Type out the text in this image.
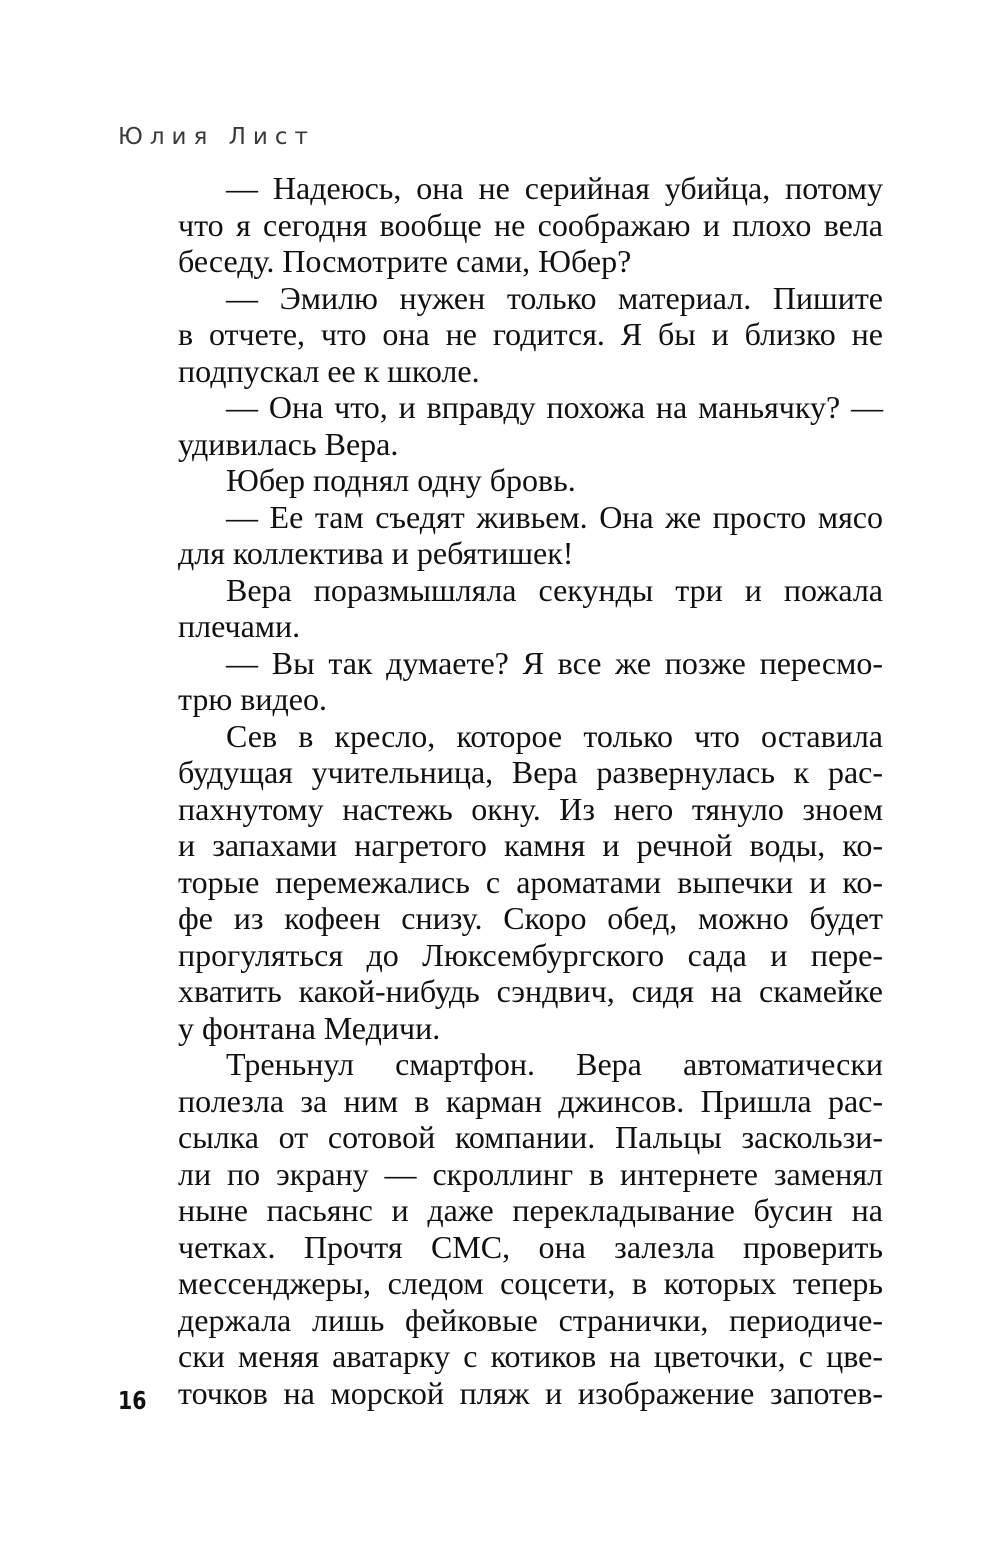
Юлия Лист
— Надеюсь, она не серийная убийца, потому
что я сегодня вообще не соображаю и плохо вела
беседу. Посмотрите сами, Юбер?
— Эмилю нужен только материал. Пишите
в отчете, что она не годится. Я бы и близко не
подпускал ее к школе.
— Она что, и вправду похожа на маньячку? —
удивилась Вера.
Юбер поднял одну бровь.
— Ее там съедят живьем. Она же просто мясо
для коллектива и ребятишек!
Вера поразмышляла секунды три и пожала
плечами.
— Вы так думаете? Я все же позже пересмо-
трю видео.
Сев в кресло, которое только что оставила
будущая учительница, Вера развернулась к рас-
пахнутому настежь окну. Из него тянуло зноем
и запахами нагретого камня и речной воды, ко-
торые перемежались с ароматами выпечки и ко-
фе из кофеен снизу. Скоро обед, можно будет
прогуляться до Люксембургского сада и пере-
хватить какой-нибудь сэндвич, сидя на скамейке
у фонтана Медичи.
Треньнул смартфон. Вера автоматически
полезла за ним в карман джинсов. Пришла рас-
сылка от сотовой компании. Пальцы заскользи-
ли по экрану — скроллинг в интернете заменял
ныне пасьянс и даже перекладывание бусин на
четках. Прочтя СМС, она залезла проверить
мессенджеры, следом соцсети, в которых теперь
держала лишь фейковые странички, периодиче-
ски меняя аватарку с котиков на цветочки, с цве-
точков на морской пляж и изображение запотев-
16
